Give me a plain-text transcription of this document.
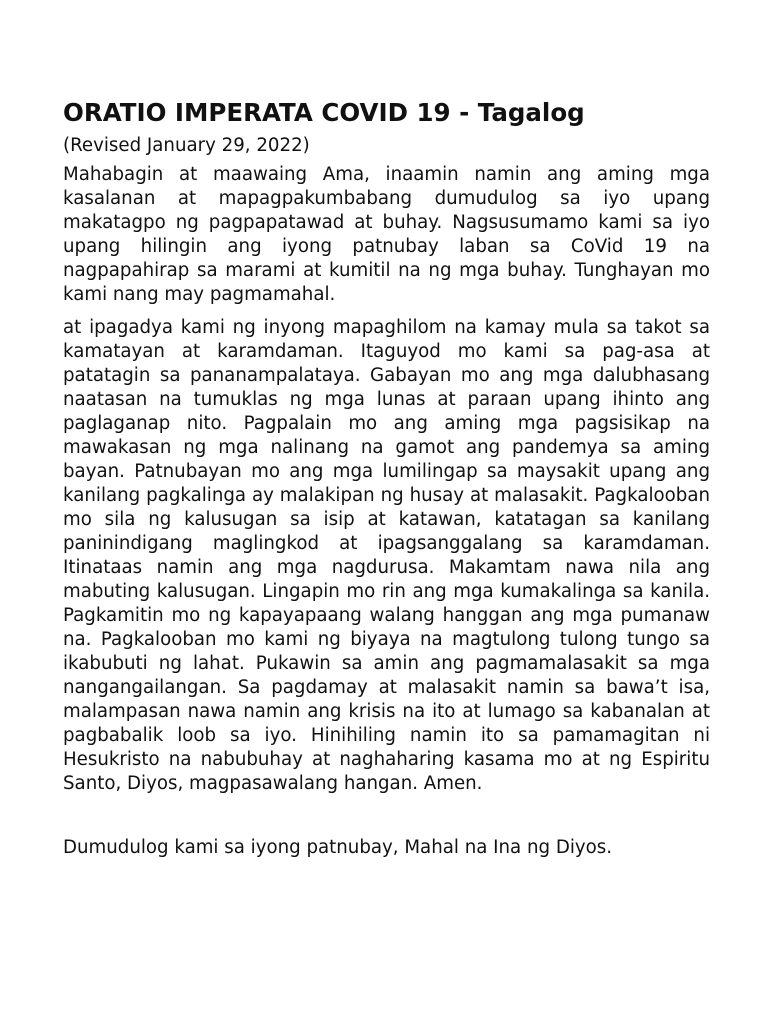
ORATIO IMPERATA COVID 19 - Tagalog
(Revised January 29, 2022)

Mahabagin at maawaing Ama, inaamin namin ang aming mga kasalanan at mapagpakumbabang dumudulog sa iyo upang makatagpo ng pagpapatawad at buhay. Nagsusumamo kami sa iyo upang hilingin ang iyong patnubay laban sa CoVid 19 na nagpapahirap sa marami at kumitil na ng mga buhay. Tunghayan mo kami nang may pagmamahal.

at ipagadya kami ng inyong mapaghilom na kamay mula sa takot sa kamatayan at karamdaman. Itaguyod mo kami sa pag-asa at patatagin sa pananampalataya. Gabayan mo ang mga dalubhasang naatasan na tumuklas ng mga lunas at paraan upang ihinto ang paglaganap nito. Pagpalain mo ang aming mga pagsisikap na mawakasan ng mga nalinang na gamot ang pandemya sa aming bayan. Patnubayan mo ang mga lumilingap sa maysakit upang ang kanilang pagkalinga ay malakipan ng husay at malasakit. Pagkalooban mo sila ng kalusugan sa isip at katawan, katatagan sa kanilang paninindigang maglingkod at ipagsanggalang sa karamdaman. Itinataas namin ang mga nagdurusa. Makamtam nawa nila ang mabuting kalusugan. Lingapin mo rin ang mga kumakalinga sa kanila. Pagkamitin mo ng kapayapaang walang hanggan ang mga pumanaw na. Pagkalooban mo kami ng biyaya na magtulong tulong tungo sa ikabubuti ng lahat. Pukawin sa amin ang pagmamalasakit sa mga nangangailangan. Sa pagdamay at malasakit namin sa bawa’t isa, malampasan nawa namin ang krisis na ito at lumago sa kabanalan at pagbabalik loob sa iyo. Hinihiling namin ito sa pamamagitan ni Hesukristo na nabubuhay at naghaharing kasama mo at ng Espiritu Santo, Diyos, magpasawalang hangan. Amen.

Dumudulog kami sa iyong patnubay, Mahal na Ina ng Diyos.
